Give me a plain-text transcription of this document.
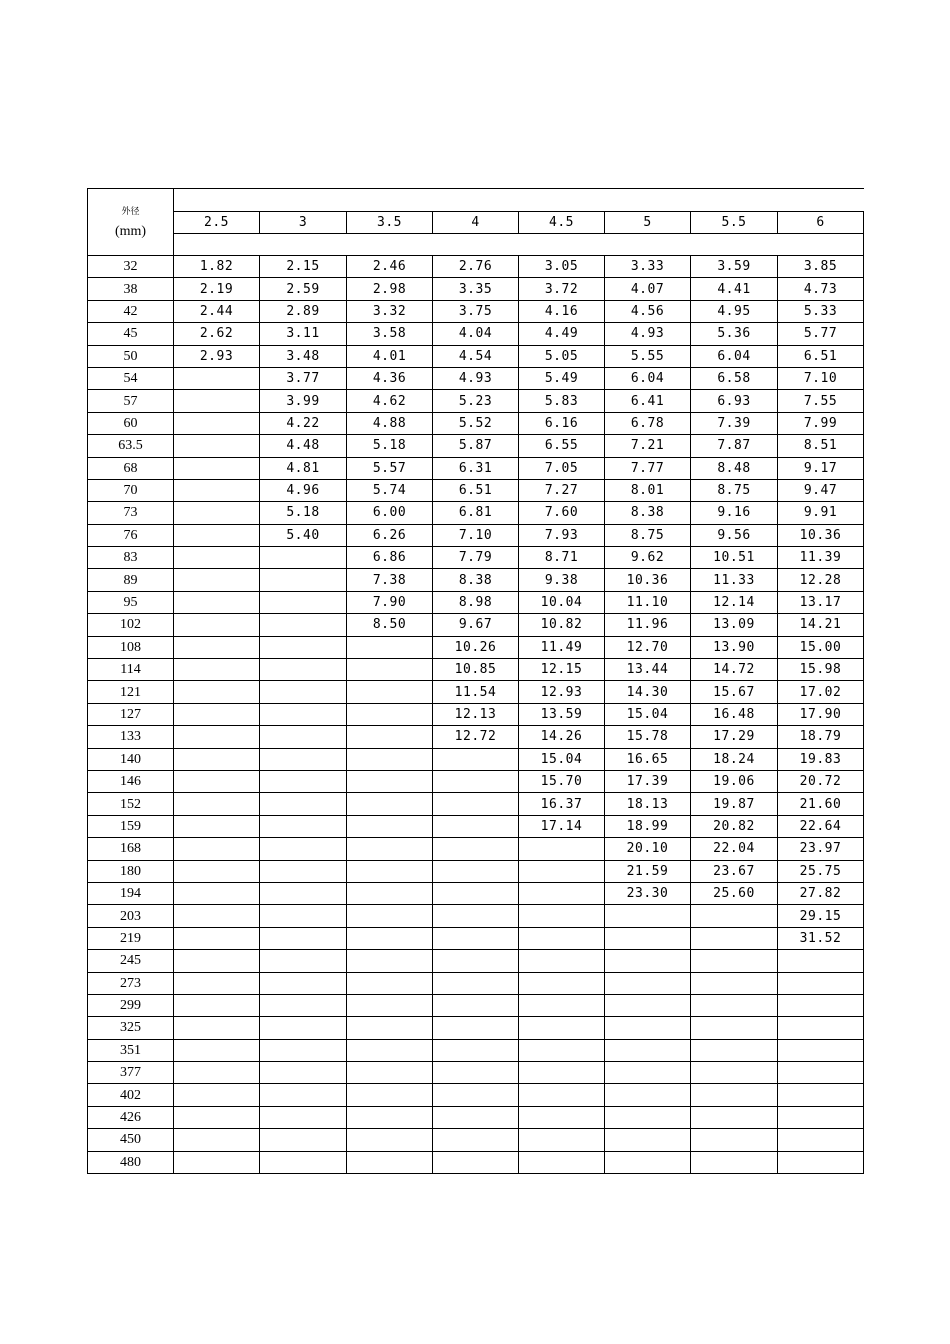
外径
(mm)								
	2.5	3	3.5	4	4.5	5	5.5	6

32	1.82	2.15	2.46	2.76	3.05	3.33	3.59	3.85
38	2.19	2.59	2.98	3.35	3.72	4.07	4.41	4.73
42	2.44	2.89	3.32	3.75	4.16	4.56	4.95	5.33
45	2.62	3.11	3.58	4.04	4.49	4.93	5.36	5.77
50	2.93	3.48	4.01	4.54	5.05	5.55	6.04	6.51
54		3.77	4.36	4.93	5.49	6.04	6.58	7.10
57		3.99	4.62	5.23	5.83	6.41	6.93	7.55
60		4.22	4.88	5.52	6.16	6.78	7.39	7.99
63.5		4.48	5.18	5.87	6.55	7.21	7.87	8.51
68		4.81	5.57	6.31	7.05	7.77	8.48	9.17
70		4.96	5.74	6.51	7.27	8.01	8.75	9.47
73		5.18	6.00	6.81	7.60	8.38	9.16	9.91
76		5.40	6.26	7.10	7.93	8.75	9.56	10.36
83			6.86	7.79	8.71	9.62	10.51	11.39
89			7.38	8.38	9.38	10.36	11.33	12.28
95			7.90	8.98	10.04	11.10	12.14	13.17
102			8.50	9.67	10.82	11.96	13.09	14.21
108				10.26	11.49	12.70	13.90	15.00
114				10.85	12.15	13.44	14.72	15.98
121				11.54	12.93	14.30	15.67	17.02
127				12.13	13.59	15.04	16.48	17.90
133				12.72	14.26	15.78	17.29	18.79
140					15.04	16.65	18.24	19.83
146					15.70	17.39	19.06	20.72
152					16.37	18.13	19.87	21.60
159					17.14	18.99	20.82	22.64
168						20.10	22.04	23.97
180						21.59	23.67	25.75
194						23.30	25.60	27.82
203								29.15
219								31.52
245								
273								
299								
325								
351								
377								
402								
426								
450								
480								
